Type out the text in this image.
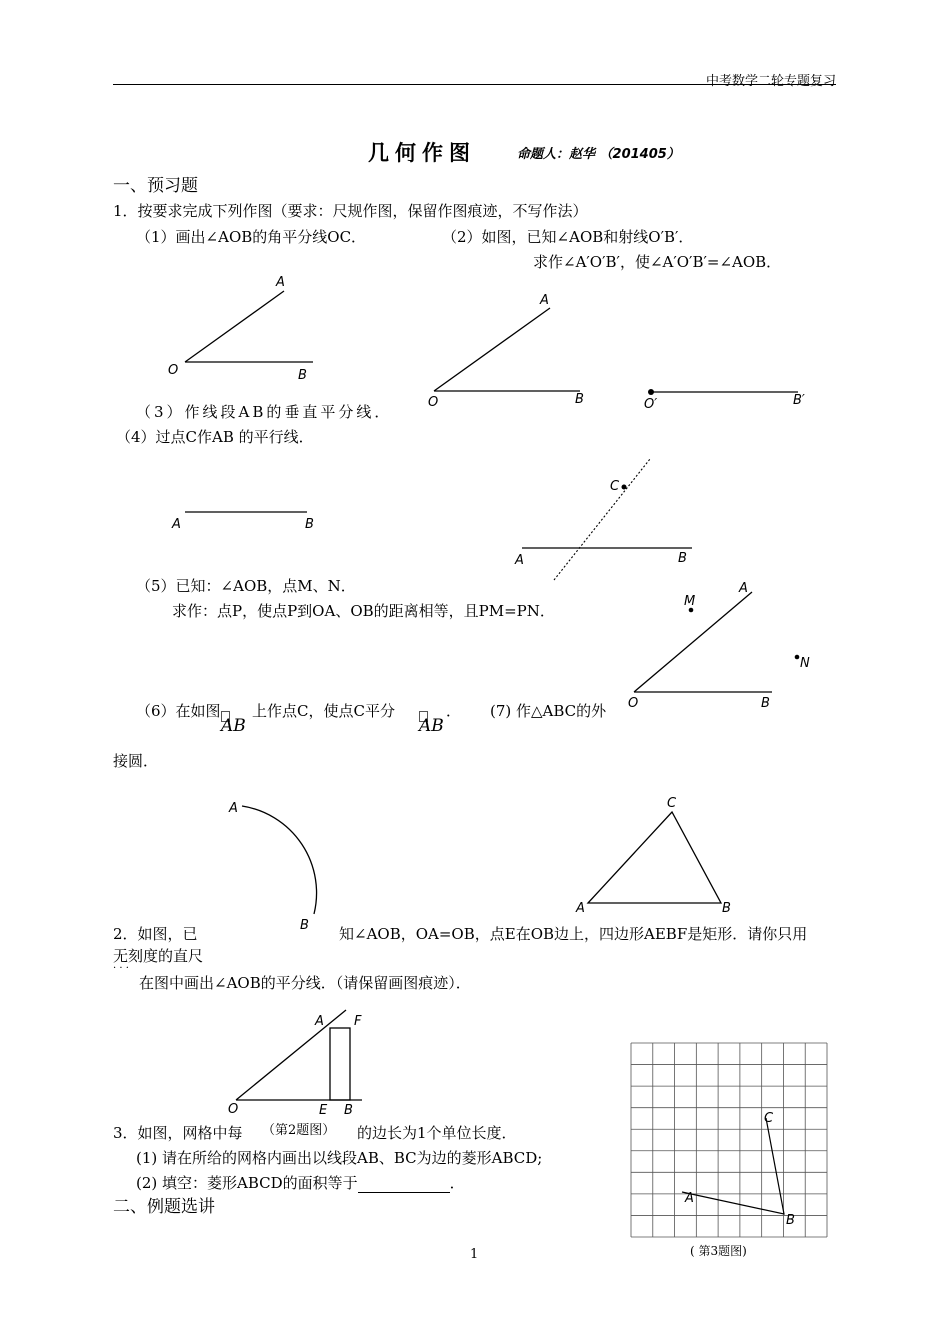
中考数学二轮专题复习
几何作图	命题人：赵华 （201405）
一、预习题
1．按要求完成下列作图（要求：尺规作图，保留作图痕迹，不写作法）
（1）画出∠AOB的角平分线OC．	（2）如图，已知∠AOB和射线O′B′．
求作∠A′O′B′，使∠A′O′B′=∠AOB．
A
O	B
A
O	B	O′	B′
（3）作线段AB的垂直平分线．
（4）过点C作AB 的平行线．
A	B
C
A	B
（5）已知：∠AOB，点M、N．
求作：点P，使点P到OA、OB的距离相等，且PM=PN．
A
O	B
M
N
（6）在如图
AB
上作点C，使点C平分
AB
． (7) 作△ABC的外
接圆．
A
B
C
A	B
2．如图，已	知∠AOB，OA=OB，点E在OB边上，四边形AEBF是矩形．请你只用
无刻度的直尺
· · ·
在图中画出∠AOB的平分线．（请保留画图痕迹）．
A F
O	E B
（第2题图）
3．如图，网格中每	的边长为1个单位长度．
(1) 请在所给的网格内画出以线段AB、BC为边的菱形ABCD;
(2) 填空：菱形ABCD的面积等于	．
A
B
C
( 第3题图)
二、例题选讲
1
